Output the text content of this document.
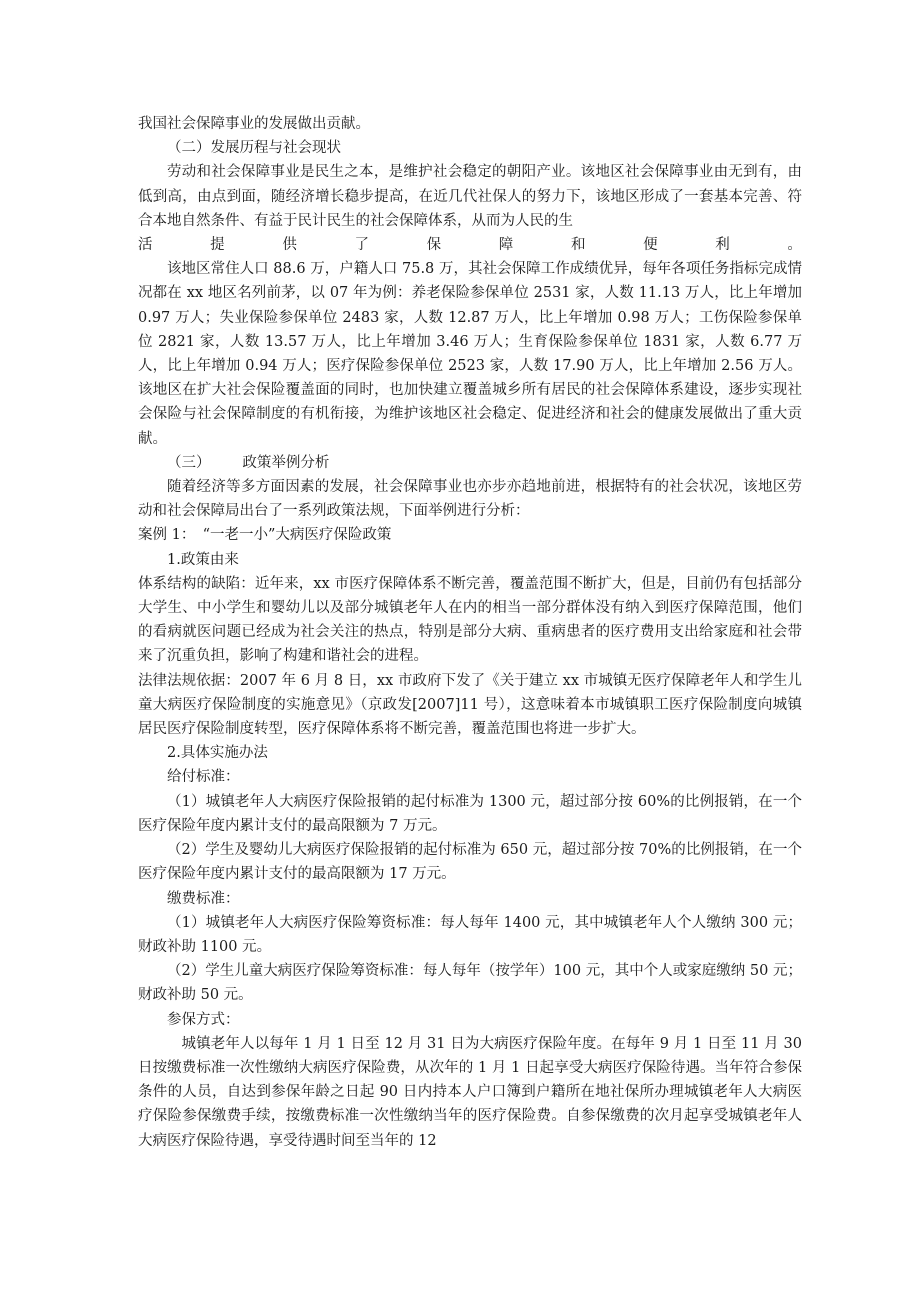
我国社会保障事业的发展做出贡献。

（二）发展历程与社会现状

劳动和社会保障事业是民生之本，是维护社会稳定的朝阳产业。该地区社会保障事业由无到有，由低到高，由点到面，随经济增长稳步提高，在近几代社保人的努力下，该地区形成了一套基本完善、符合本地自然条件、有益于民计民生的社会保障体系，从而为人民的生

活	提	供	了	保	障	和	便	利	。

该地区常住人口 88.6 万，户籍人口 75.8 万，其社会保障工作成绩优异，每年各项任务指标完成情况都在 xx 地区名列前茅，以 07 年为例：养老保险参保单位 2531 家，人数 11.13 万人，比上年增加 0.97 万人；失业保险参保单位 2483 家，人数 12.87 万人，比上年增加 0.98 万人；工伤保险参保单位 2821 家，人数 13.57 万人，比上年增加 3.46 万人；生育保险参保单位 1831 家，人数 6.77 万人，比上年增加 0.94 万人；医疗保险参保单位 2523 家，人数 17.90 万人，比上年增加 2.56 万人。该地区在扩大社会保险覆盖面的同时，也加快建立覆盖城乡所有居民的社会保障体系建设，逐步实现社会保险与社会保障制度的有机衔接，为维护该地区社会稳定、促进经济和社会的健康发展做出了重大贡献。

（三） 政策举例分析

随着经济等多方面因素的发展，社会保障事业也亦步亦趋地前进，根据特有的社会状况，该地区劳动和社会保障局出台了一系列政策法规，下面举例进行分析：

案例 1：　“一老一小”大病医疗保险政策

1.政策由来

体系结构的缺陷：近年来，xx 市医疗保障体系不断完善，覆盖范围不断扩大，但是，目前仍有包括部分大学生、中小学生和婴幼儿以及部分城镇老年人在内的相当一部分群体没有纳入到医疗保障范围，他们的看病就医问题已经成为社会关注的热点，特别是部分大病、重病患者的医疗费用支出给家庭和社会带来了沉重负担，影响了构建和谐社会的进程。

法律法规依据：2007 年 6 月 8 日，xx 市政府下发了《关于建立 xx 市城镇无医疗保障老年人和学生儿童大病医疗保险制度的实施意见》（京政发[2007]11 号），这意味着本市城镇职工医疗保险制度向城镇居民医疗保险制度转型，医疗保障体系将不断完善，覆盖范围也将进一步扩大。

2.具体实施办法

给付标准：

（1）城镇老年人大病医疗保险报销的起付标准为 1300 元，超过部分按 60%的比例报销，在一个医疗保险年度内累计支付的最高限额为 7 万元。

（2）学生及婴幼儿大病医疗保险报销的起付标准为 650 元，超过部分按 70%的比例报销，在一个医疗保险年度内累计支付的最高限额为 17 万元。

缴费标准：

（1）城镇老年人大病医疗保险筹资标准：每人每年 1400 元，其中城镇老年人个人缴纳 300 元；财政补助 1100 元。

（2）学生儿童大病医疗保险筹资标准：每人每年（按学年）100 元，其中个人或家庭缴纳 50 元；财政补助 50 元。

参保方式：

城镇老年人以每年 1 月 1 日至 12 月 31 日为大病医疗保险年度。在每年 9 月 1 日至 11 月 30 日按缴费标准一次性缴纳大病医疗保险费，从次年的 1 月 1 日起享受大病医疗保险待遇。当年符合参保条件的人员，自达到参保年龄之日起 90 日内持本人户口簿到户籍所在地社保所办理城镇老年人大病医疗保险参保缴费手续，按缴费标准一次性缴纳当年的医疗保险费。自参保缴费的次月起享受城镇老年人大病医疗保险待遇，享受待遇时间至当年的 12
